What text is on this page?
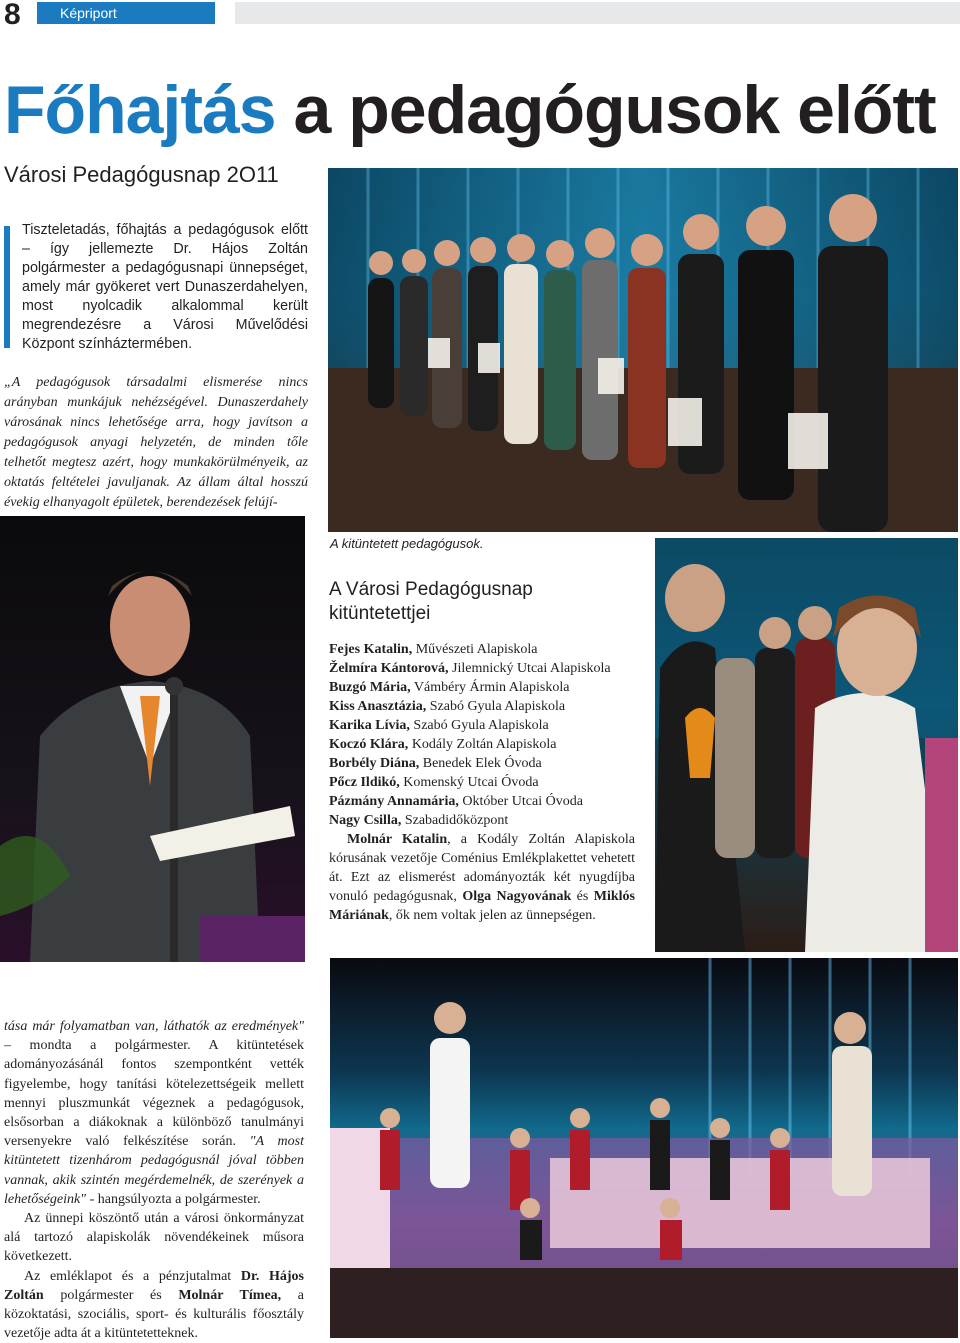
8	Képriport
Főhajtás a pedagógusok előtt
Városi Pedagógusnap 2O11
Tiszteletadás, főhajtás a pedagógusok előtt – így jellemezte Dr. Hájos Zoltán polgármester a pedagógusnapi ünnepséget, amely már gyökeret vert Dunaszerdahelyen, most nyolcadik alkalommal került megrendezésre a Városi Művelődési Központ színháztermében.
„A pedagógusok társadalmi elismerése nincs arányban munkájuk nehézségével. Dunaszerdahely városának nincs lehetősége arra, hogy javítson a pedagógusok anyagi helyzetén, de minden tőle telhetőt megtesz azért, hogy munkakörülményeik, az oktatás feltételei javuljanak. Az állam által hosszú évekig elhanyagolt épületek, berendezések felújí-
A kitüntetett pedagógusok.
A Városi Pedagógusnap kitüntetettjei
Fejes Katalin, Művészeti Alapiskola
Želmíra Kántorová, Jilemnický Utcai Alapiskola
Buzgó Mária, Vámbéry Ármin Alapiskola
Kiss Anasztázia, Szabó Gyula Alapiskola
Karika Lívia, Szabó Gyula Alapiskola
Koczó Klára, Kodály Zoltán Alapiskola
Borbély Diána, Benedek Elek Óvoda
Pőcz Ildikó, Komenský Utcai Óvoda
Pázmány Annamária, Október Utcai Óvoda
Nagy Csilla, Szabadidőközpont
Molnár Katalin, a Kodály Zoltán Alapiskola kórusának vezetője Coménius Emlékplakettet vehetett át. Ezt az elismerést adományozták két nyugdíjba vonuló pedagógusnak, Olga Nagyovának és Miklós Máriának, ők nem voltak jelen az ünnepségen.

tása már folyamatban van, láthatók az eredmények" – mondta a polgármester. A kitüntetések adományozásánál fontos szempontként vették figyelembe, hogy tanítási kötelezettségeik mellett mennyi pluszmunkát végeznek a pedagógusok, elsősorban a diákoknak a különböző tanulmányi versenyekre való felkészítése során. "A most kitüntetett tizenhárom pedagógusnál jóval többen vannak, akik szintén megérdemelnék, de szerények a lehetőségeink" - hangsúlyozta a polgármester.

Az ünnepi köszöntő után a városi önkormányzat alá tartozó alapiskolák növendékeinek műsora következett.

Az emléklapot és a pénzjutalmat Dr. Hájos Zoltán polgármester és Molnár Tímea, a közoktatási, szociális, sport- és kulturális főosztály vezetője adta át a kitüntetetteknek.
